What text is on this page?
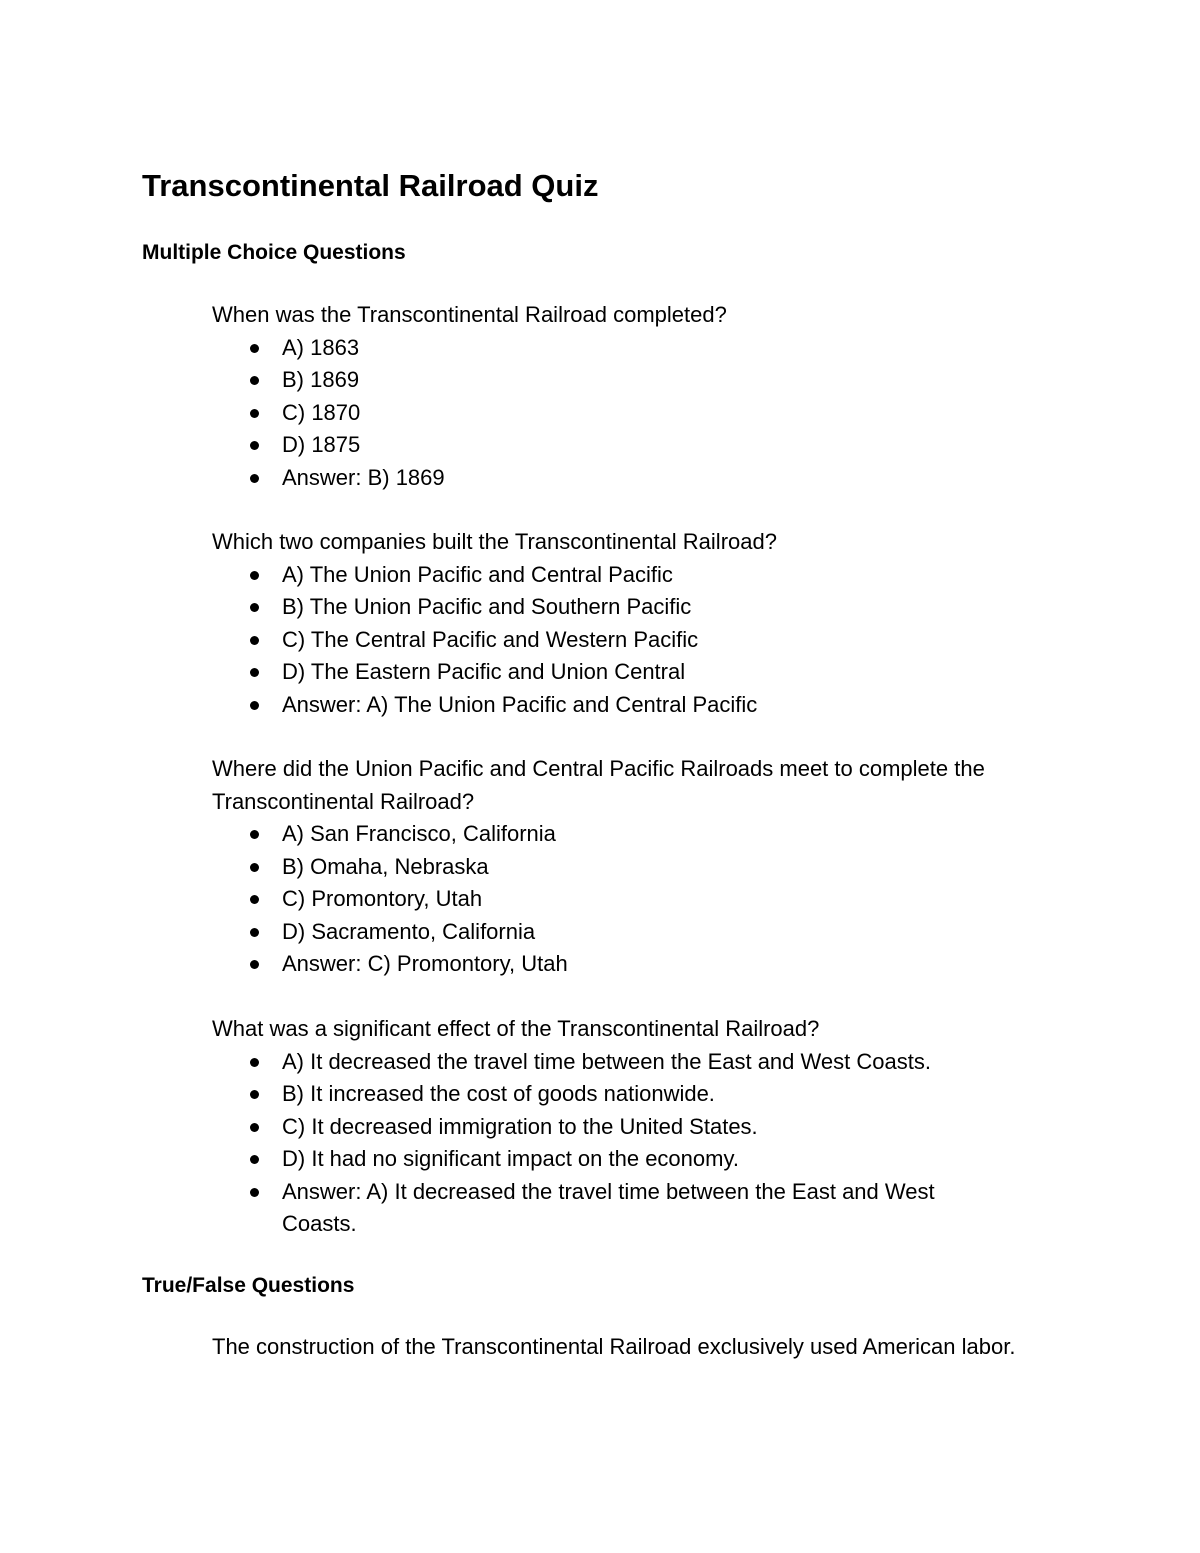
Transcontinental Railroad Quiz
Multiple Choice Questions

When was the Transcontinental Railroad completed?

A) 1863
B) 1869
C) 1870
D) 1875
Answer: B) 1869

Which two companies built the Transcontinental Railroad?

A) The Union Pacific and Central Pacific
B) The Union Pacific and Southern Pacific
C) The Central Pacific and Western Pacific
D) The Eastern Pacific and Union Central
Answer: A) The Union Pacific and Central Pacific

Where did the Union Pacific and Central Pacific Railroads meet to complete the Transcontinental Railroad?

A) San Francisco, California
B) Omaha, Nebraska
C) Promontory, Utah
D) Sacramento, California
Answer: C) Promontory, Utah

What was a significant effect of the Transcontinental Railroad?

A) It decreased the travel time between the East and West Coasts.
B) It increased the cost of goods nationwide.
C) It decreased immigration to the United States.
D) It had no significant impact on the economy.
Answer: A) It decreased the travel time between the East and West Coasts.
True/False Questions
The construction of the Transcontinental Railroad exclusively used American labor.
